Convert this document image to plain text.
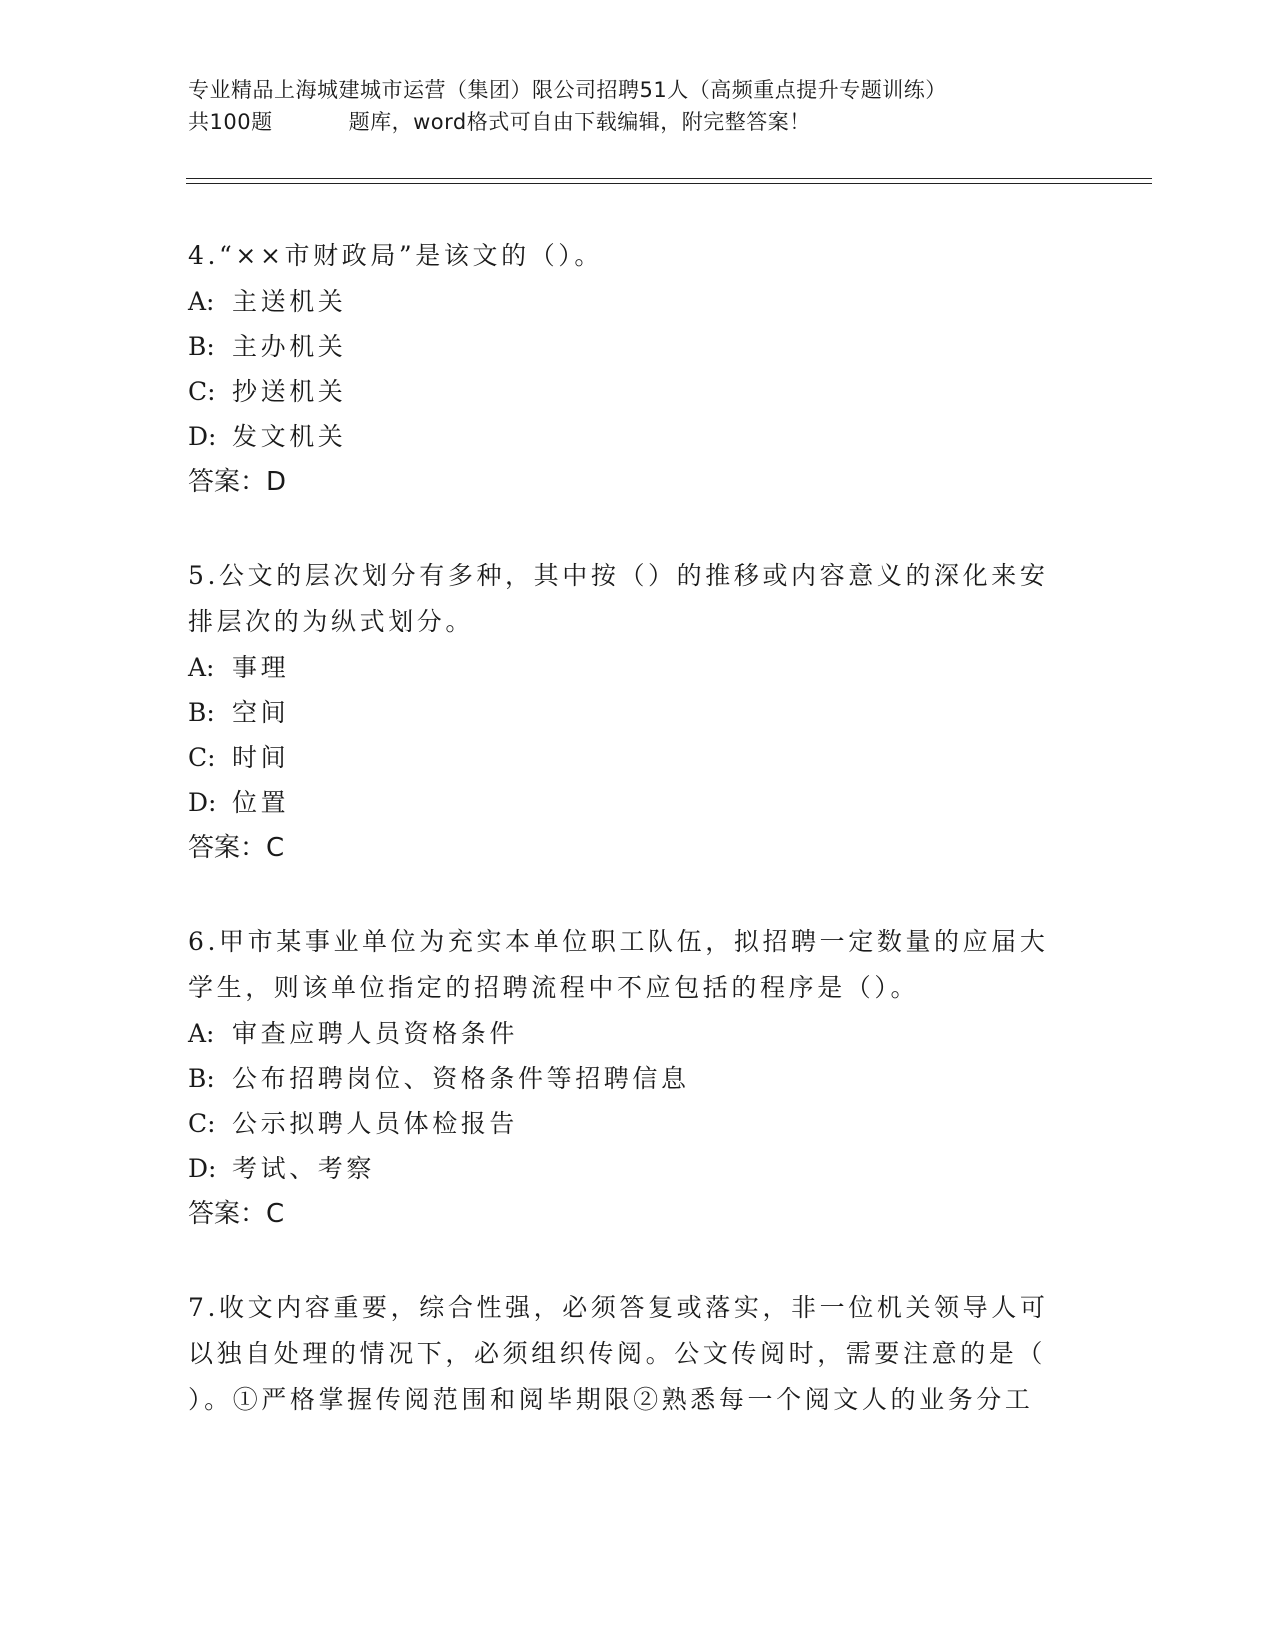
专业精品上海城建城市运营（集团）限公司招聘51人（高频重点提升专题训练）
共100题	题库，word格式可自由下载编辑，附完整答案！

4.“××市财政局”是该文的（）。

A: 主送机关

B: 主办机关

C: 抄送机关

D: 发文机关

答案：D

5.公文的层次划分有多种，其中按（）的推移或内容意义的深化来安

排层次的为纵式划分。

A: 事理

B: 空间

C: 时间

D: 位置

答案：C

6.甲市某事业单位为充实本单位职工队伍，拟招聘一定数量的应届大

学生，则该单位指定的招聘流程中不应包括的程序是（）。

A: 审查应聘人员资格条件

B: 公布招聘岗位、资格条件等招聘信息

C: 公示拟聘人员体检报告

D: 考试、考察

答案：C

7.收文内容重要，综合性强，必须答复或落实，非一位机关领导人可

以独自处理的情况下，必须组织传阅。公文传阅时，需要注意的是（

）。①严格掌握传阅范围和阅毕期限②熟悉每一个阅文人的业务分工
